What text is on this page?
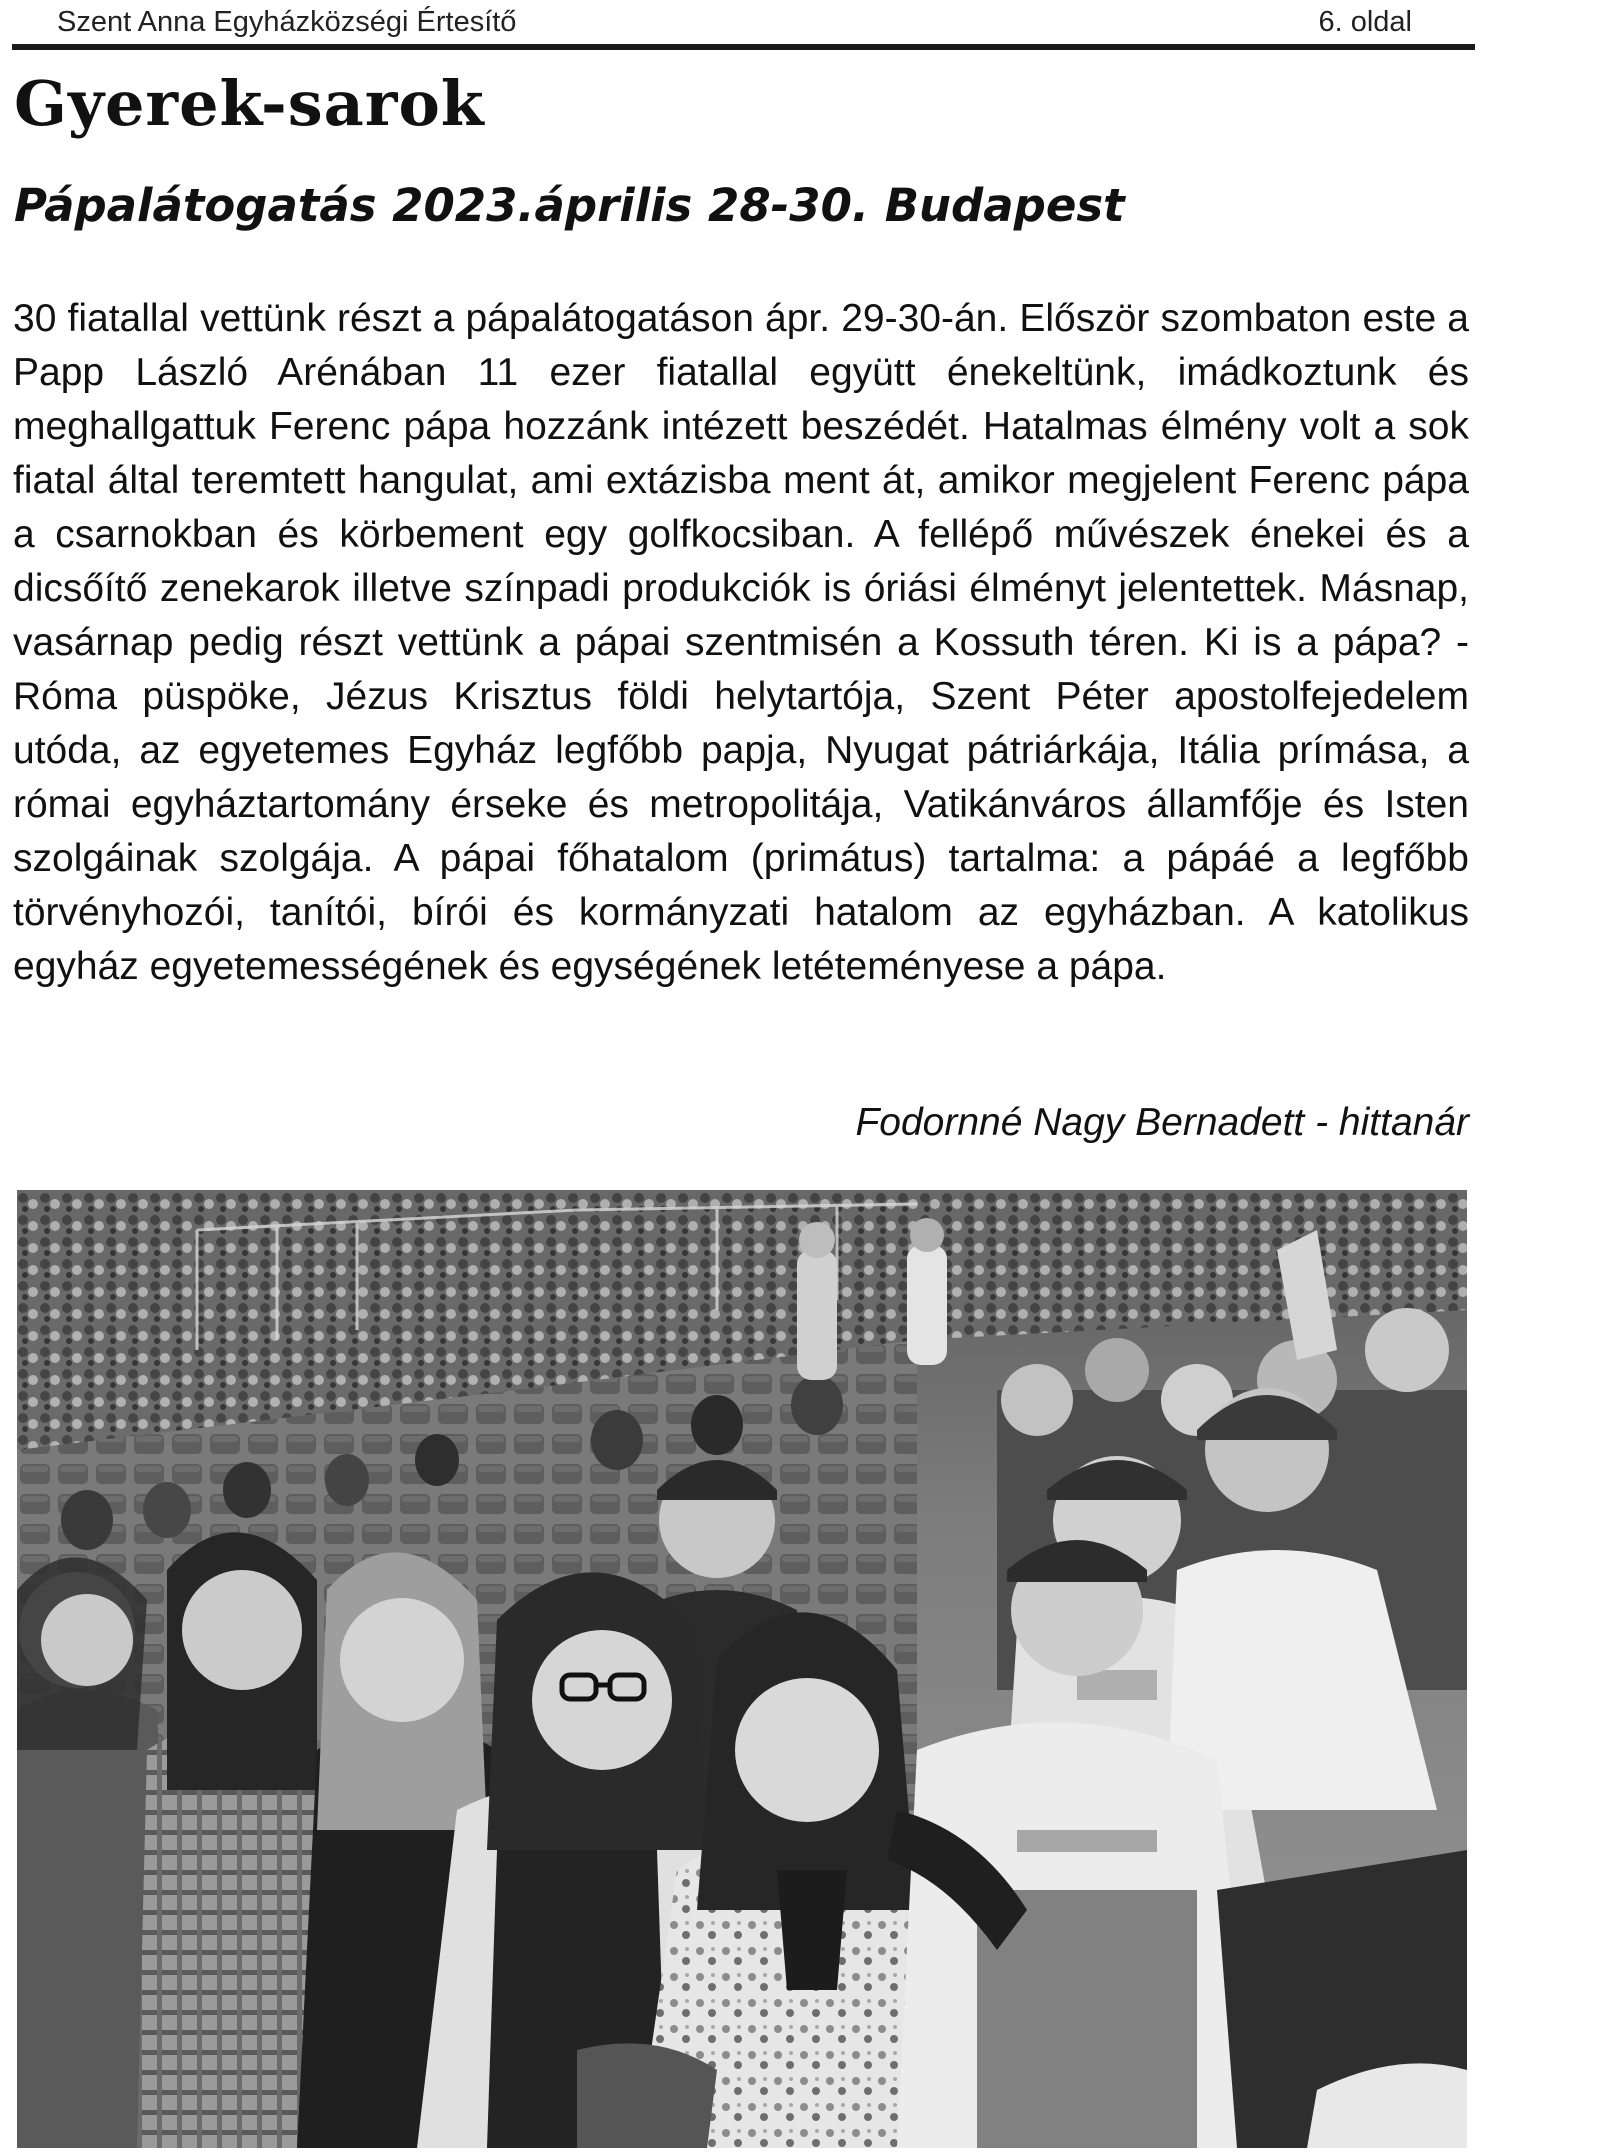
Szent Anna Egyházközségi Értesítő	6. oldal
Gyerek-sarok
Pápalátogatás 2023.április 28-30. Budapest

30 fiatallal vettünk részt a pápalátogatáson ápr. 29-30-án. Először szombaton este a Papp László Arénában 11 ezer fiatallal együtt énekeltünk, imádkoztunk és meghallgattuk Ferenc pápa hozzánk intézett beszédét. Hatalmas élmény volt a sok fiatal által teremtett hangulat, ami extázisba ment át, amikor megjelent Ferenc pápa a csarnokban és körbement egy golfkocsiban. A fellépő művészek énekei és a dicsőítő zenekarok illetve színpadi produkciók is óriási élményt jelentettek. Másnap, vasárnap pedig részt vettünk a pápai szentmisén a Kossuth téren. Ki is a pápa? - Róma püspöke, Jézus Krisztus földi helytartója, Szent Péter apostolfejedelem utóda, az egyetemes Egyház legfőbb papja, Nyugat pátriárkája, Itália prímása, a római egyháztartomány érseke és metropolitája, Vatikánváros államfője és Isten szolgáinak szolgája. A pápai főhatalom (primátus) tartalma: a pápáé a legfőbb törvényhozói, tanítói, bírói és kormányzati hatalom az egyházban. A katolikus egyház egyetemességének és egységének letéteményese a pápa.

Fodornné Nagy Bernadett - hittanár
